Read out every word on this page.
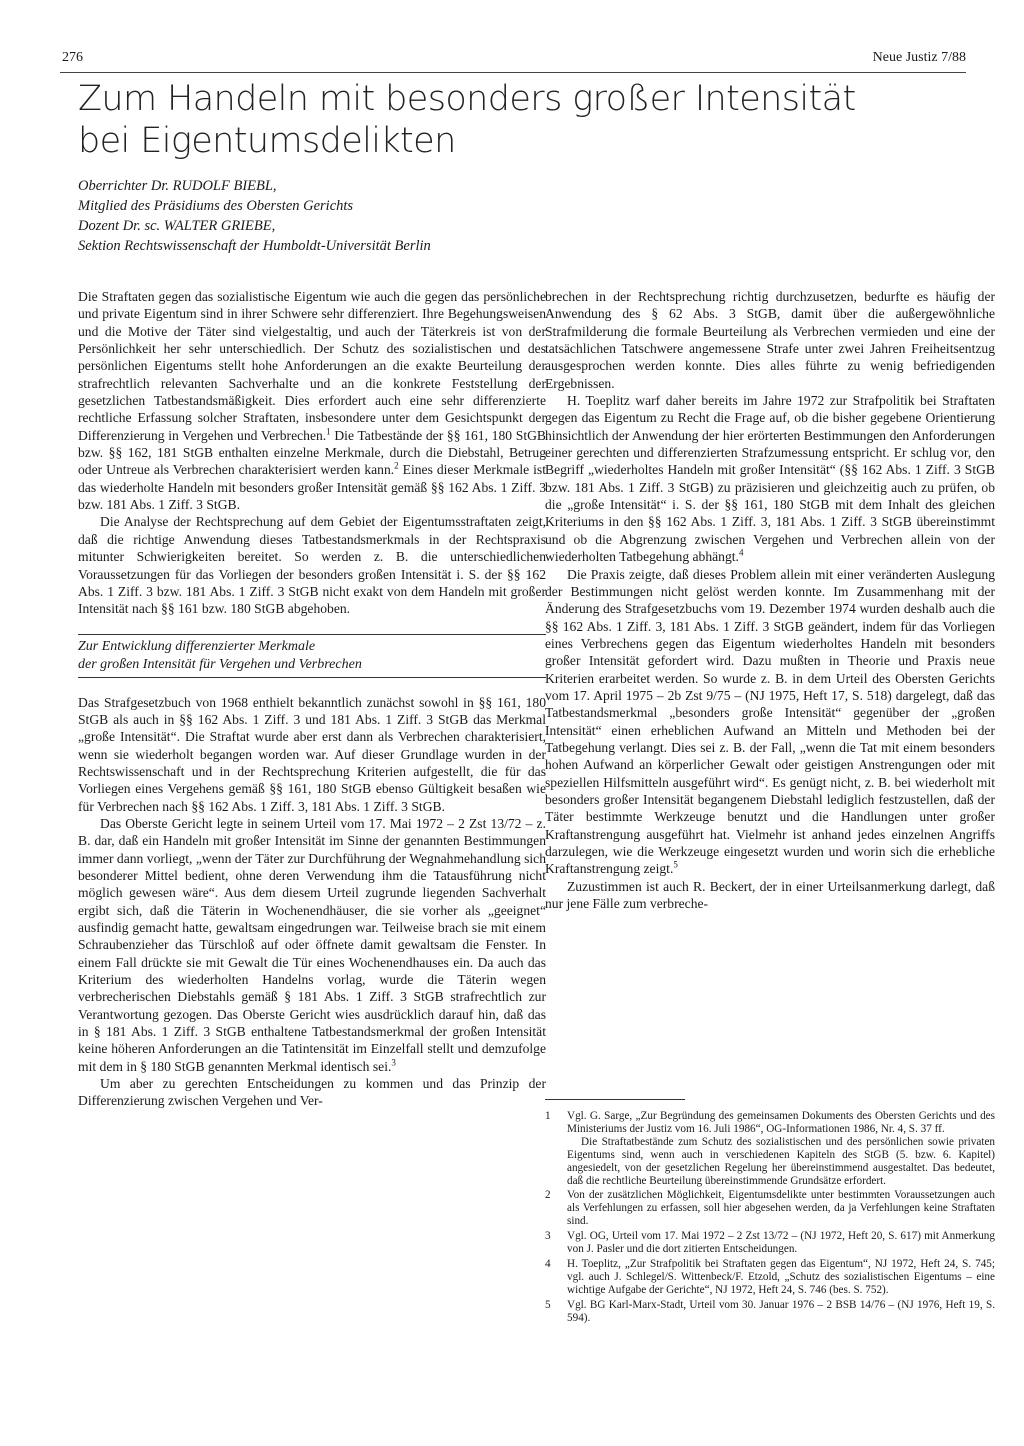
276	Neue Justiz 7/88
Zum Handeln mit besonders großer Intensität
bei Eigentumsdelikten
Oberrichter Dr. RUDOLF BIEBL,
Mitglied des Präsidiums des Obersten Gerichts
Dozent Dr. sc. WALTER GRIEBE,
Sektion Rechtswissenschaft der Humboldt-Universität Berlin

Die Straftaten gegen das sozialistische Eigentum wie auch die gegen das persönliche und private Eigentum sind in ihrer Schwere sehr differenziert. Ihre Begehungsweisen und die Motive der Täter sind vielgestaltig, und auch der Täterkreis ist von der Persönlichkeit her sehr unterschiedlich. Der Schutz des sozialistischen und des persönlichen Eigentums stellt hohe Anforderungen an die exakte Beurteilung der strafrechtlich relevanten Sachverhalte und an die konkrete Feststellung der gesetzlichen Tatbestandsmäßigkeit. Dies erfordert auch eine sehr differenzierte rechtliche Erfassung solcher Straftaten, insbesondere unter dem Gesichtspunkt der Differenzierung in Vergehen und Verbrechen.$^1$ Die Tatbestände der §§ 161, 180 StGB bzw. §§ 162, 181 StGB enthalten einzelne Merkmale, durch die Diebstahl, Betrug oder Untreue als Verbrechen charakterisiert werden kann.$^2$ Eines dieser Merkmale ist das wiederholte Handeln mit besonders großer Intensität gemäß §§ 162 Abs. 1 Ziff. 3 bzw. 181 Abs. 1 Ziff. 3 StGB.

Die Analyse der Rechtsprechung auf dem Gebiet der Eigentumsstraftaten zeigt, daß die richtige Anwendung dieses Tatbestandsmerkmals in der Rechtspraxis mitunter Schwierigkeiten bereitet. So werden z. B. die unterschiedlichen Voraussetzungen für das Vorliegen der besonders großen Intensität i. S. der §§ 162 Abs. 1 Ziff. 3 bzw. 181 Abs. 1 Ziff. 3 StGB nicht exakt von dem Handeln mit großer Intensität nach §§ 161 bzw. 180 StGB abgehoben.

Zur Entwicklung differenzierter Merkmale
der großen Intensität für Vergehen und Verbrechen

Das Strafgesetzbuch von 1968 enthielt bekanntlich zunächst sowohl in §§ 161, 180 StGB als auch in §§ 162 Abs. 1 Ziff. 3 und 181 Abs. 1 Ziff. 3 StGB das Merkmal „große Intensität“. Die Straftat wurde aber erst dann als Verbrechen charakterisiert, wenn sie wiederholt begangen worden war. Auf dieser Grundlage wurden in der Rechtswissenschaft und in der Rechtsprechung Kriterien aufgestellt, die für das Vorliegen eines Vergehens gemäß §§ 161, 180 StGB ebenso Gültigkeit besaßen wie für Verbrechen nach §§ 162 Abs. 1 Ziff. 3, 181 Abs. 1 Ziff. 3 StGB.

Das Oberste Gericht legte in seinem Urteil vom 17. Mai 1972 – 2 Zst 13/72 – z. B. dar, daß ein Handeln mit großer Intensität im Sinne der genannten Bestimmungen immer dann vorliegt, „wenn der Täter zur Durchführung der Wegnahmehandlung sich besonderer Mittel bedient, ohne deren Verwendung ihm die Tatausführung nicht möglich gewesen wäre“. Aus dem diesem Urteil zugrunde liegenden Sachverhalt ergibt sich, daß die Täterin in Wochenendhäuser, die sie vorher als „geeignet“ ausfindig gemacht hatte, gewaltsam eingedrungen war. Teilweise brach sie mit einem Schraubenzieher das Türschloß auf oder öffnete damit gewaltsam die Fenster. In einem Fall drückte sie mit Gewalt die Tür eines Wochenendhauses ein. Da auch das Kriterium des wiederholten Handelns vorlag, wurde die Täterin wegen verbrecherischen Diebstahls gemäß § 181 Abs. 1 Ziff. 3 StGB strafrechtlich zur Verantwortung gezogen. Das Oberste Gericht wies ausdrücklich darauf hin, daß das in § 181 Abs. 1 Ziff. 3 StGB enthaltene Tatbestandsmerkmal der großen Intensität keine höheren Anforderungen an die Tatintensität im Einzelfall stellt und demzufolge mit dem in § 180 StGB genannten Merkmal identisch sei.$^3$

Um aber zu gerechten Entscheidungen zu kommen und das Prinzip der Differenzierung zwischen Vergehen und Ver-

brechen in der Rechtsprechung richtig durchzusetzen, bedurfte es häufig der Anwendung des § 62 Abs. 3 StGB, damit über die außergewöhnliche Strafmilderung die formale Beurteilung als Verbrechen vermieden und eine der tatsächlichen Tatschwere angemessene Strafe unter zwei Jahren Freiheitsentzug ausgesprochen werden konnte. Dies alles führte zu wenig befriedigenden Ergebnissen.

H. Toeplitz warf daher bereits im Jahre 1972 zur Strafpolitik bei Straftaten gegen das Eigentum zu Recht die Frage auf, ob die bisher gegebene Orientierung hinsichtlich der Anwendung der hier erörterten Bestimmungen den Anforderungen einer gerechten und differenzierten Strafzumessung entspricht. Er schlug vor, den Begriff „wiederholtes Handeln mit großer Intensität“ (§§ 162 Abs. 1 Ziff. 3 StGB bzw. 181 Abs. 1 Ziff. 3 StGB) zu präzisieren und gleichzeitig auch zu prüfen, ob die „große Intensität“ i. S. der §§ 161, 180 StGB mit dem Inhalt des gleichen Kriteriums in den §§ 162 Abs. 1 Ziff. 3, 181 Abs. 1 Ziff. 3 StGB übereinstimmt und ob die Abgrenzung zwischen Vergehen und Verbrechen allein von der wiederholten Tatbegehung abhängt.$^4$

Die Praxis zeigte, daß dieses Problem allein mit einer veränderten Auslegung der Bestimmungen nicht gelöst werden konnte. Im Zusammenhang mit der Änderung des Strafgesetzbuchs vom 19. Dezember 1974 wurden deshalb auch die §§ 162 Abs. 1 Ziff. 3, 181 Abs. 1 Ziff. 3 StGB geändert, indem für das Vorliegen eines Verbrechens gegen das Eigentum wiederholtes Handeln mit besonders großer Intensität gefordert wird. Dazu mußten in Theorie und Praxis neue Kriterien erarbeitet werden. So wurde z. B. in dem Urteil des Obersten Gerichts vom 17. April 1975 – 2b Zst 9/75 – (NJ 1975, Heft 17, S. 518) dargelegt, daß das Tatbestandsmerkmal „besonders große Intensität“ gegenüber der „großen Intensität“ einen erheblichen Aufwand an Mitteln und Methoden bei der Tatbegehung verlangt. Dies sei z. B. der Fall, „wenn die Tat mit einem besonders hohen Aufwand an körperlicher Gewalt oder geistigen Anstrengungen oder mit speziellen Hilfsmitteln ausgeführt wird“. Es genügt nicht, z. B. bei wiederholt mit besonders großer Intensität begangenem Diebstahl lediglich festzustellen, daß der Täter bestimmte Werkzeuge benutzt und die Handlungen unter großer Kraftanstrengung ausgeführt hat. Vielmehr ist anhand jedes einzelnen Angriffs darzulegen, wie die Werkzeuge eingesetzt wurden und worin sich die erhebliche Kraftanstrengung zeigt.$^5$

Zuzustimmen ist auch R. Beckert, der in einer Urteilsanmerkung darlegt, daß nur jene Fälle zum verbreche-

1 Vgl. G. Sarge, „Zur Begründung des gemeinsamen Dokuments des Obersten Gerichts und des Ministeriums der Justiz vom 16. Juli 1986“, OG-Informationen 1986, Nr. 4, S. 37 ff.

Die Straftatbestände zum Schutz des sozialistischen und des persönlichen sowie privaten Eigentums sind, wenn auch in verschiedenen Kapiteln des StGB (5. bzw. 6. Kapitel) angesiedelt, von der gesetzlichen Regelung her übereinstimmend ausgestaltet. Das bedeutet, daß die rechtliche Beurteilung übereinstimmende Grundsätze erfordert.

2 Von der zusätzlichen Möglichkeit, Eigentumsdelikte unter bestimmten Voraussetzungen auch als Verfehlungen zu erfassen, soll hier abgesehen werden, da ja Verfehlungen keine Straftaten sind.

3 Vgl. OG, Urteil vom 17. Mai 1972 – 2 Zst 13/72 – (NJ 1972, Heft 20, S. 617) mit Anmerkung von J. Pasler und die dort zitierten Entscheidungen.

4 H. Toeplitz, „Zur Strafpolitik bei Straftaten gegen das Eigentum“, NJ 1972, Heft 24, S. 745; vgl. auch J. Schlegel/S. Wittenbeck/F. Etzold, „Schutz des sozialistischen Eigentums – eine wichtige Aufgabe der Gerichte“, NJ 1972, Heft 24, S. 746 (bes. S. 752).

5 Vgl. BG Karl-Marx-Stadt, Urteil vom 30. Januar 1976 – 2 BSB 14/76 – (NJ 1976, Heft 19, S. 594).
